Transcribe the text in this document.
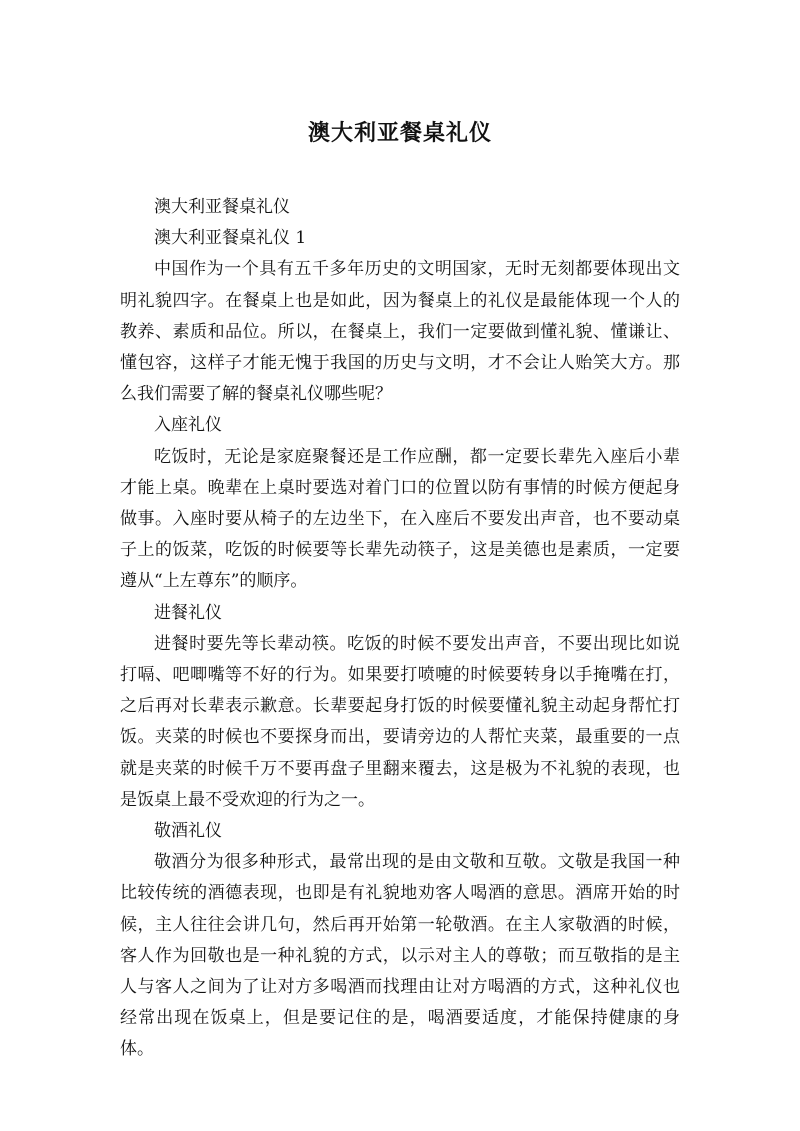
澳大利亚餐桌礼仪

澳大利亚餐桌礼仪

澳大利亚餐桌礼仪 1

中国作为一个具有五千多年历史的文明国家，无时无刻都要体现出文明礼貌四字。在餐桌上也是如此，因为餐桌上的礼仪是最能体现一个人的教养、素质和品位。所以，在餐桌上，我们一定要做到懂礼貌、懂谦让、懂包容，这样子才能无愧于我国的历史与文明，才不会让人贻笑大方。那么我们需要了解的餐桌礼仪哪些呢？

入座礼仪

吃饭时，无论是家庭聚餐还是工作应酬，都一定要长辈先入座后小辈才能上桌。晚辈在上桌时要选对着门口的位置以防有事情的时候方便起身做事。入座时要从椅子的左边坐下，在入座后不要发出声音，也不要动桌子上的饭菜，吃饭的时候要等长辈先动筷子，这是美德也是素质，一定要遵从“上左尊东”的顺序。

进餐礼仪

进餐时要先等长辈动筷。吃饭的时候不要发出声音，不要出现比如说打嗝、吧唧嘴等不好的行为。如果要打喷嚏的时候要转身以手掩嘴在打，之后再对长辈表示歉意。长辈要起身打饭的时候要懂礼貌主动起身帮忙打饭。夹菜的时候也不要探身而出，要请旁边的人帮忙夹菜，最重要的一点就是夹菜的时候千万不要再盘子里翻来覆去，这是极为不礼貌的表现，也是饭桌上最不受欢迎的行为之一。

敬酒礼仪

敬酒分为很多种形式，最常出现的是由文敬和互敬。文敬是我国一种比较传统的酒德表现，也即是有礼貌地劝客人喝酒的意思。酒席开始的时候，主人往往会讲几句，然后再开始第一轮敬酒。在主人家敬酒的时候，客人作为回敬也是一种礼貌的方式，以示对主人的尊敬；而互敬指的是主人与客人之间为了让对方多喝酒而找理由让对方喝酒的方式，这种礼仪也经常出现在饭桌上，但是要记住的是，喝酒要适度，才能保持健康的身体。
